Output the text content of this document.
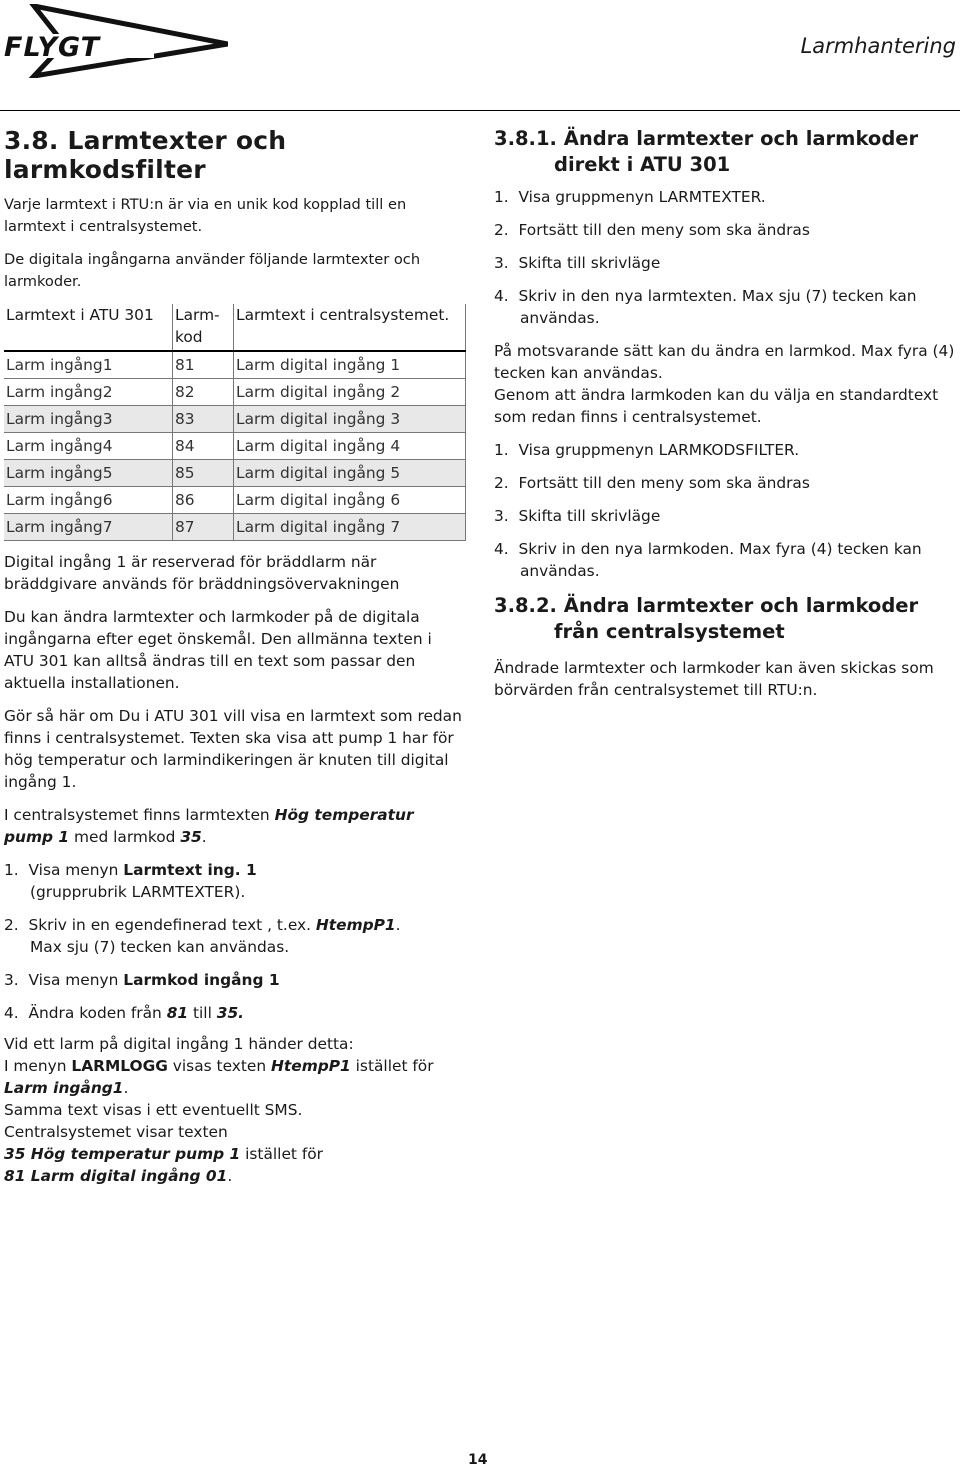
FLYGT	Larmhantering
3.8. Larmtexter och larmkodsfilter

Varje larmtext i RTU:n är via en unik kod kopplad till en larmtext i centralsystemet.

De digitala ingångarna använder följande larmtexter och larmkoder.

Larmtext i ATU 301	Larm- kod	Larmtext i centralsystemet.
Larm ingång1	81	Larm digital ingång 1
Larm ingång2	82	Larm digital ingång 2
Larm ingång3	83	Larm digital ingång 3
Larm ingång4	84	Larm digital ingång 4
Larm ingång5	85	Larm digital ingång 5
Larm ingång6	86	Larm digital ingång 6
Larm ingång7	87	Larm digital ingång 7

Digital ingång 1 är reserverad för bräddlarm när bräddgivare används för bräddningsövervakningen

Du kan ändra larmtexter och larmkoder på de digitala ingångarna efter eget önskemål. Den allmänna texten i ATU 301 kan alltså ändras till en text som passar den aktuella installationen.

Gör så här om Du i ATU 301 vill visa en larmtext som redan finns i centralsystemet. Texten ska visa att pump 1 har för hög temperatur och larmindikeringen är knuten till digital ingång 1.

I centralsystemet finns larmtexten Hög temperatur pump 1 med larmkod 35.

1. Visa menyn Larmtext ing. 1
(grupprubrik LARMTEXTER).
2. Skriv in en egendefinerad text , t.ex. HtempP1.
Max sju (7) tecken kan användas.
3. Visa menyn Larmkod ingång 1
4. Ändra koden från 81 till 35.

Vid ett larm på digital ingång 1 händer detta:
I menyn LARMLOGG visas texten HtempP1 istället för
Larm ingång1.
Samma text visas i ett eventuellt SMS.
Centralsystemet visar texten
35 Hög temperatur pump 1 istället för
81 Larm digital ingång 01.

3.8.1. Ändra larmtexter och larmkoder direkt i ATU 301
1. Visa gruppmenyn LARMTEXTER.
2. Fortsätt till den meny som ska ändras
3. Skifta till skrivläge
4. Skriv in den nya larmtexten. Max sju (7) tecken kan användas.

På motsvarande sätt kan du ändra en larmkod. Max fyra (4) tecken kan användas.

Genom att ändra larmkoden kan du välja en standardtext som redan finns i centralsystemet.

1. Visa gruppmenyn LARMKODSFILTER.
2. Fortsätt till den meny som ska ändras
3. Skifta till skrivläge
4. Skriv in den nya larmkoden. Max fyra (4) tecken kan användas.
3.8.2. Ändra larmtexter och larmkoder från centralsystemet

Ändrade larmtexter och larmkoder kan även skickas som börvärden från centralsystemet till RTU:n.

14
